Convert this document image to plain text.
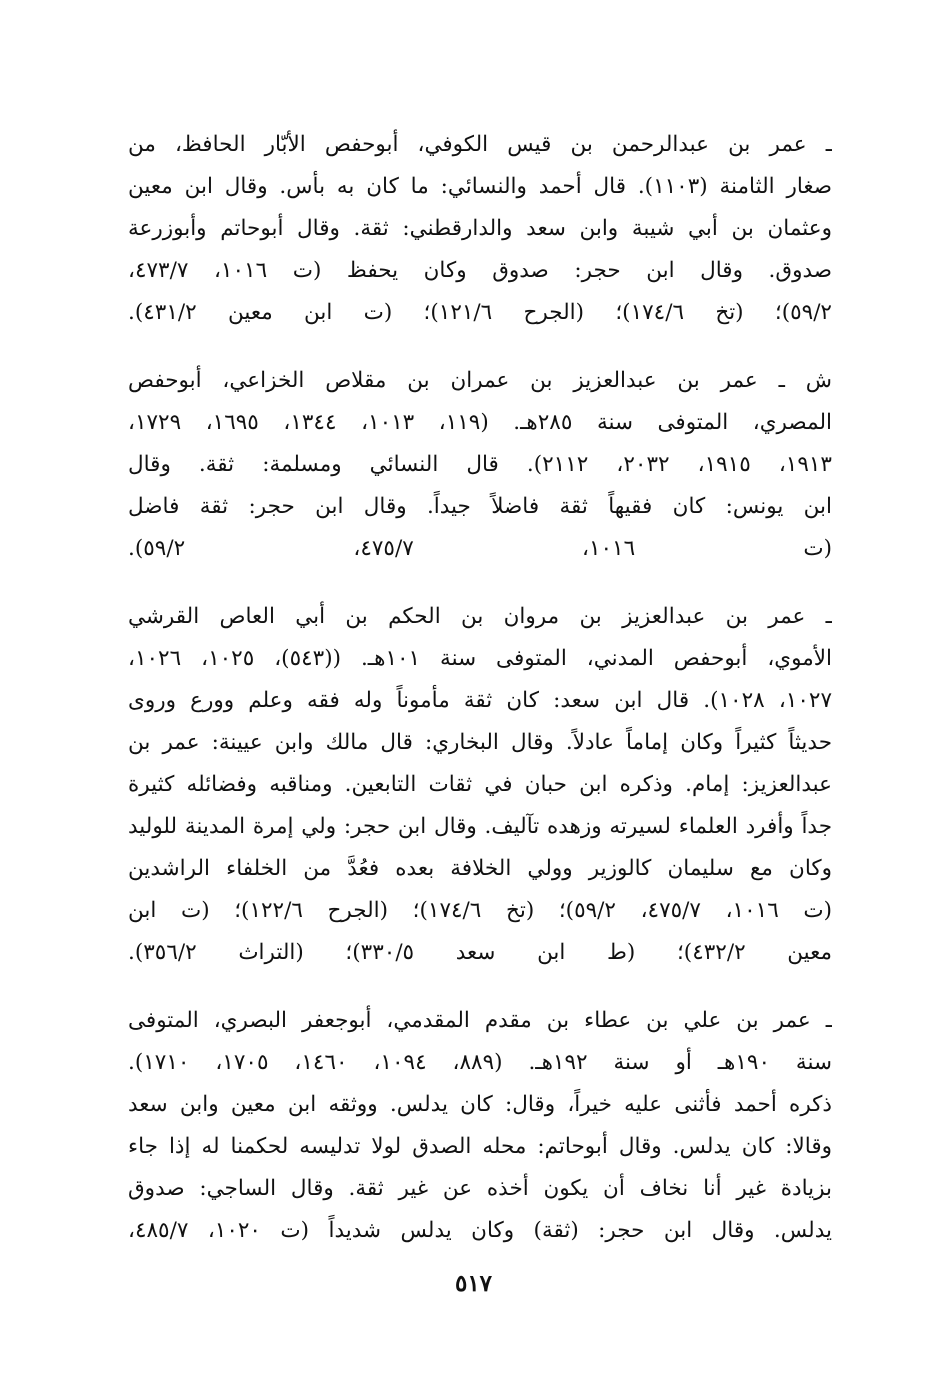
ـ عمر بن عبدالرحمن بن قيس الكوفي، أبوحفص الأبّار الحافظ، من
صغار الثامنة (١١٠٣). قال أحمد والنسائي: ما كان به بأس. وقال ابن معين
وعثمان بن أبي شيبة وابن سعد والدارقطني: ثقة. وقال أبوحاتم وأبوزرعة
صدوق. وقال ابن حجر: صدوق وكان يحفظ (ت ١٠١٦، ٤٧٣/٧،
٥٩/٢)؛ (تخ ١٧٤/٦)؛ (الجرح ١٢١/٦)؛ (ت ابن معين ٤٣١/٢).
ش ـ عمر بن عبدالعزيز بن عمران بن مقلاص الخزاعي، أبوحفص
المصري، المتوفى سنة ٢٨٥هـ. (١١٩، ١٠١٣، ١٣٤٤، ١٦٩٥، ١٧٢٩،
١٩١٣، ١٩١٥، ٢٠٣٢، ٢١١٢). قال النسائي ومسلمة: ثقة. وقال
ابن يونس: كان فقيهاً ثقة فاضلاً جيداً. وقال ابن حجر: ثقة فاضل
(ت ١٠١٦، ٤٧٥/٧، ٥٩/٢).
ـ عمر بن عبدالعزيز بن مروان بن الحكم بن أبي العاص القرشي
الأموي، أبوحفص المدني، المتوفى سنة ١٠١هـ. ((٥٤٣)، ١٠٢٥، ١٠٢٦،
١٠٢٧، ١٠٢٨). قال ابن سعد: كان ثقة مأموناً وله فقه وعلم وورع وروى
حديثاً كثيراً وكان إماماً عادلاً. وقال البخاري: قال مالك وابن عيينة: عمر بن
عبدالعزيز: إمام. وذكره ابن حبان في ثقات التابعين. ومناقبه وفضائله كثيرة
جداً وأفرد العلماء لسيرته وزهده تآليف. وقال ابن حجر: ولي إمرة المدينة للوليد
وكان مع سليمان كالوزير وولي الخلافة بعده فعُدَّ من الخلفاء الراشدين
(ت ١٠١٦، ٤٧٥/٧، ٥٩/٢)؛ (تخ ١٧٤/٦)؛ (الجرح ١٢٢/٦)؛ (ت ابن
معين ٤٣٢/٢)؛ (ط ابن سعد ٣٣٠/٥)؛ (التراث ٣٥٦/٢).
ـ عمر بن علي بن عطاء بن مقدم المقدمي، أبوجعفر البصري، المتوفى
سنة ١٩٠هـ أو سنة ١٩٢هـ. (٨٨٩، ١٠٩٤، ١٤٦٠، ١٧٠٥، ١٧١٠).
ذكره أحمد فأثنى عليه خيراً، وقال: كان يدلس. ووثقه ابن معين وابن سعد
وقالا: كان يدلس. وقال أبوحاتم: محله الصدق لولا تدليسه لحكمنا له إذا جاء
بزيادة غير أنا نخاف أن يكون أخذه عن غير ثقة. وقال الساجي: صدوق
يدلس. وقال ابن حجر: (ثقة) وكان يدلس شديداً (ت ١٠٢٠، ٤٨٥/٧،
٥١٧
